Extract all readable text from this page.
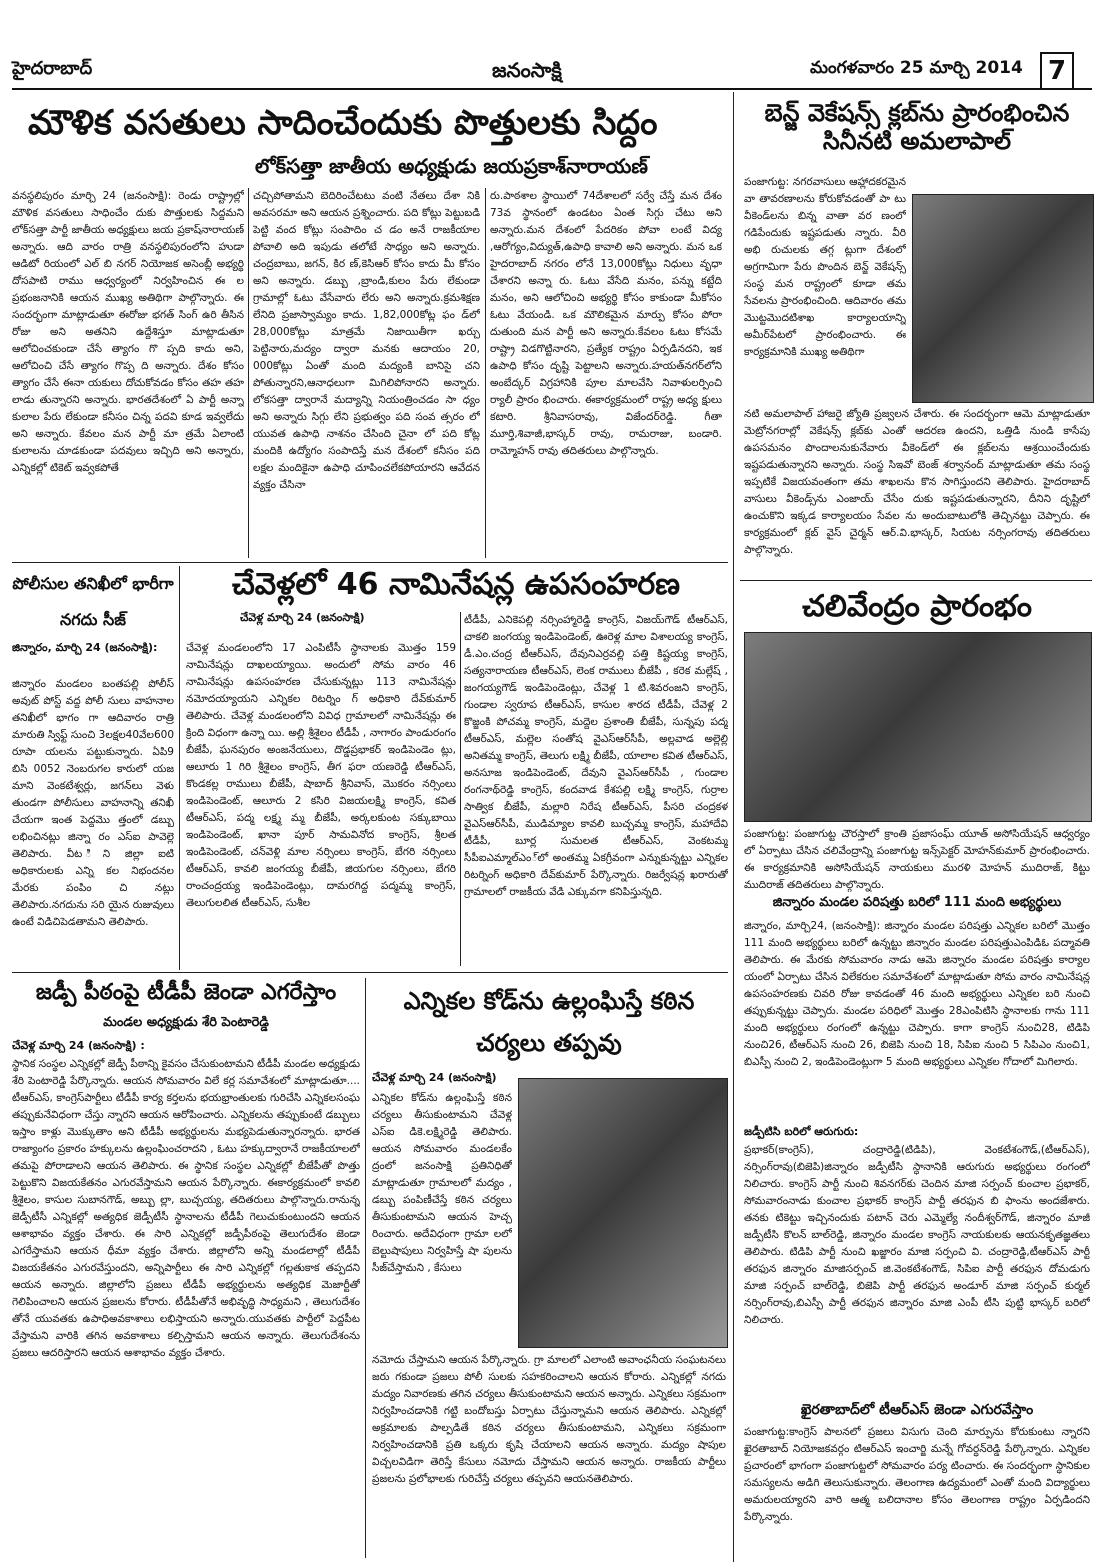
హైదరాబాద్	జనంసాక్షి	మంగళవారం 25 మార్చి 2014 7
మౌళిక వసతులు సాదించేందుకు పొత్తులకు సిద్దం
లోక్‌సత్తా జాతీయ అధ్యక్షుడు జయప్రకాశ్‌నారాయణ్
వనస్థలిపురం మార్చి 24 (జనంసాక్షి): రెండు రాష్ట్రాల్లో మౌళిక వసతులు సాధించేం దుకు పొత్తులకు సిద్దమని లోక్‌సత్తా పార్టీ జాతీయ అధ్యక్షులు జయ ప్రకాష్‌నారాయణ్ అన్నారు. ఆది వారం రాత్రి వనస్థలిపురంలోని హుడా ఆడిటో రియంలో ఎల్ బి నగర్ నియోజక అసెంబ్లీ అభ్యర్థి దోసపాటి రాము ఆధ్వర్యంలో నిర్వహించిన ఈ ల ప్రభంజనానికి ఆయన ముఖ్య అతిథిగా పాల్గొన్నారు. ఈ సందర్భంగా మాట్లాడుతూ ఈరోజు భగత్ సింగ్ ఉరి తీసిన రోజు అని అతనిని ఉద్దేశిస్తూ మాట్లాడుతూ ఆలోచించకుండా చేసే త్యాగం గొ ప్పది కాదు అని, ఆలోచించి చేసే త్యాగం గొప్ప ది అన్నారు. దేశం కోసం త్యాగం చేసే ఈనా యకులు దోచుకోవడం కోసం తహ తహ లాడు తున్నారని అన్నారు. భారతదేశంలో ఏ పార్టీ అన్నా కులాల పేరు లేకుండా కనీసం చిన్న పదవి కూడ ఇవ్వలేదు అని అన్నారు. కేవలం మన పార్టీ మా త్రమే ఏలాంటి కులాలను చూడకుండా పదవులు ఇచ్చిది అని అన్నారు, ఎన్నికల్లో టికెట్ ఇవ్వకపోతే
చచ్చిపోతామని బెదిరించేటటు వంటి నేతలు దేశా నికి అవసరమా అని ఆయన ప్రశ్నించారు. పది కోట్లు పెట్టుబడి పెట్టి వంద కోట్లు సంపాదిం చ డం అనే రాజకీయాల పోవాలి అది ఇపుడు తలోటే సాధ్యం అని అన్నారు. చంద్రబాబు, జగన్, కిర ణ్,కెసిఆర్ కోసం కాదు మీ కోసం అని అన్నారు. డబ్బు ,బ్రాండి,కులం పేరు లేకుండా గ్రామాల్లో ఓటు వేసేవారు లేరు అని అన్నారు.క్రమశిక్షణ లేనిది ప్రజాస్వామ్యం కాదు. 1,82,000కోట్ల ఫం డ్‌లో 28,000కోట్లు మాత్రమే నిజాయితీగా ఖర్చు పెట్టినారు,మద్యం ద్వారా మనకు ఆదాయం 20, 000కోట్లు ఏంతో మంది మద్యంకి బానిసై చని పోతున్నారని,ఆనాధలుగా మిగిలిపోనారని అన్నారు. లోకసత్తా ద్వారానే మద్యాన్ని నియంత్రించడం సా ధ్యం అని అన్నారు సిగ్గు లేని ప్రభుత్వం పది సంవ త్సరం లో యువత ఉపాధి నాశనం చేసింది చైనా లో పది కోట్ల మందికి ఉద్యోగం సంపాదిస్తే మన దేశంలో కనీసం పది లక్షల మందికైనా ఉపాధి చూపించలేకపోయారని ఆవేదన వ్యక్తం చేసినా
రు.పాఠశాల స్థాయిలో 74దేశాలలో సర్వే చేస్తే మన దేశం 73వ స్థానంలో ఉండటం ఏంత సిగ్గు చేటు అని అన్నారు.మన దేశంలో పేదరికం పోవా లంటే విద్య ,ఆరోగ్యం,విద్యుత్,ఉపాధి కావాలి అని అన్నారు. మన ఒక హైదరాబాద్ నగరం లోనే 13,000కోట్లు నిధులు వృధా చేశారని అన్నా రు. ఓటు వేసేది మనం, పన్ను కట్టేది మనం, అని ఆలోచించి అభ్యర్థి కోసం కాకుండా మీకోసం ఓటు వేయండి. ఒక మౌలికమైన మార్పు కోసం పోరా దుతుంది మన పార్టీ అని అన్నారు.కేవలం ఓటు కోసమే రాష్ట్రా విడగొట్టినారని, ప్రత్యేక రాష్ట్రం ఏర్పడినదని, ఇక ఉపాధి కోసం దృష్టి పెట్టాలని అన్నారు.హయత్‌నగర్‌లోని అంబేద్కర్ విగ్రహానికి పూల మాలవేసి నివాళులర్పించి ర్యాలీ ప్రారం భించారు. ఈకార్యక్రమంలో రాష్ట్ర అధ్య క్షులు కటారి. శ్రీనివాసరావు, విజేందర్‌రెడ్డి. గీతా మూర్తి,శివాజీ,భాస్కర్ రావు, రామరాజు, బండారి. రామ్మోహన్ రావు తదితరులు పాల్గొన్నారు.
బెన్జ్ వెకేషన్స్ క్లబ్‌ను ప్రారంభించిన సినీనటి అమలాపాల్
పంజాగుట్ట: నగరవాసులు ఆహ్లాదకరమైన వా తావరణాలను కోరుకోవడంతో పా టు వీకెండ్‌లను బిన్న వాతా వర ణంలో గడిపేందుకు ఇష్టపడుతు న్నారు. వీరి అభి రుచులకు తగ్గ ట్లుగా దేశంలో అగ్రగామిగా పేరు పొందిన బెన్జ్ వెకేషన్స్ సంస్థ మన రాష్ట్రంలో కూడా తమ సేవలను ప్రారంభించింది. ఆదివారం తమ మొట్టమొదటిశాఖ కార్యాలయాన్ని అమీర్‌పేటలో ప్రారంభించారు. ఈ కార్యక్రమానికి ముఖ్య అతిథిగా
నటి అమలాపాల్ హాజరై జ్యోతి ప్రజ్వలన చేశారు. ఈ సందర్భంగా ఆమె మాట్లాడుతూ మెట్రోనగరాల్లో వెకేషన్స్ క్లబ్‌కు ఎంతో ఆదరణ ఉందని, ఒత్తిడి నుండి కాసేపు ఉపసమనం పొందాలనుకునేవారు వీకెండ్‌లో ఈ క్లబ్‌లను ఆశ్రయించేందుకు ఇష్టపడుతున్నారని అన్నారు. సంస్థ సిఇవో బెంజ్ శర్వానంద్ మాట్లాడుతూ తమ సంస్థ ఇప్పటికే విజయవంతంగా తమ శాఖలను కొన సాగిస్తుందని తెలిపారు. హైదరాబాద్ వాసులు వీకెండ్స్‌ను ఎంజాయ్ చేసేం దుకు ఇష్టపడుతున్నారని, దీనిని దృష్టిలో ఉంచుకొని ఇక్కడ కార్యాలయం సేవల ను అందుబాటులోకి తెచ్చినట్టు చెప్పారు. ఈ కార్యక్రమంలో క్లబ్ వైస్ చైర్మన్ ఆర్.వి.భాస్కర్, సియట నర్సింగరావు తదితరులు పాల్గొన్నారు.
చలివేంద్రం ప్రారంభం
పంజాగుట్ట: పంజాగుట్ట చౌరస్తాలో క్రాంతి ప్రజాసంఘ్ యూత్ అసోసియేషన్ ఆధ్వర్యం లో ఏర్పాటు చేసిన చలివేంద్రాన్ని పంజాగుట్ట ఇన్స్‌పెక్టర్ మోహన్‌కుమార్ ప్రారంభించారు. ఈ కార్యక్రమానికి అసోసియేషన్ నాయకులు మురళి మోహన్ ముదిరాజ్, కిట్టు ముదిరాజ్ తదితరులు పాల్గొన్నారు.
జిన్నారం మండల పరిషత్తు బరిలో 111 మంది అభ్యర్థులు
జిన్నారం, మార్చి24, (జనంసాక్షి): జిన్నారం మండల పరిషత్తు ఎన్నికల బరిలో మొత్తం 111 మంది అభ్యర్థులు బరిలో ఉన్నట్టు జిన్నారం మండల పరిషత్తుఎంపిడిఓ పద్మావతి తెలిపారు. ఈ మేరకు సోమవారం నాడు ఆమె జిన్నారం మండల పరిషత్తు కార్యాల యంలో ఏర్పాటు చేసిన విలేకరుల సమావేశంలో మాట్లాడుతూ సోమ వారం నామినేషన్ల ఉపసంహరణకు చివరి రోజు కావడంతో 46 మంది అభ్యర్థులు ఎన్నికల బరి నుంచి తప్పుకున్నట్టు చెప్పారు. మండల పరిధిలో మొత్తం 28ఎంపిటిసి స్ధానాలకు గాను 111 మంది అభ్యర్థులు రంగంలో ఉన్నట్టు చెప్పారు. కాగా కాంగ్రెస్ నుంచి28, టిడిపి నుంచి26, టీఆర్ఎస్ నుంచి 26, బిజెపి నుంచి 18, సిపిఐ నుంచి 5 సిపిఎం నుంచి1, బిఎస్పీ నుంచి 2, ఇండిపెండెంట్లుగా 5 మంది అభ్యర్థులు ఎన్నికల గోదాలో మిగిలారు.
జడ్పీటిసి బరిలో ఆరుగురు:
ప్రభాకర్(కాంగ్రెస్), చంద్రారెడ్డి(టిడిపి), వెంకటేశంగౌడ్,(టీఆర్ఎస్), నర్సింగ్‌రావు(బిజెపి)జిన్నారం జడ్పీటీసి స్ధానానికి ఆరుగురు అభ్యర్థులు రంగంలో నిలిచారు. కాంగ్రెస్ పార్టీ నుంచి శివనగర్‌కు చెందిన మాజి సర్పంచ్ కుంచాల ప్రభాకర్, సోమవారంనాడు కుంచాల ప్రభాకర్ కాంగ్రెస్ పార్టీ తరఫున బి ఫాంను అందజేశారు. తనకు టికెట్టు ఇచ్చినందుకు పటాన్ చెరు ఎమ్మెల్యే నందీశ్వర్‌గౌడ్, జిన్నారం మాజీ జడ్పీటీసి కొలన్ బాల్‌రెడ్డి, జిన్నారం మండల కాంగ్రెస్ నాయకులకు ఆయనకృతజ్ఞతలు తెలిపారు. టిడిపి పార్టీ నుంచి ఖజ్జారం మాజి సర్పంచి వి. చంద్రారెడ్డి,టీఆర్ఎస్ పార్టీ తరఫున జిన్నారం మాజిసర్పంచ్ జి.వెంకటేశంగౌడ్, సిపిఐ పార్టీ తరఫున దోమడుగు మాజి సర్పంచ్ బాల్‌రెడ్డి, బిజెపి పార్టీ తరఫున అండూర్ మాజి సర్పంచ్ కుర్మల్ నర్సింగ్‌రావు,బిఎస్పీ పార్టీ తరఫున జిన్నారం మాజి ఎంపీ టీసి పుట్టి భాస్కర్ బరిలో నిలిచారు.
ఖైరతాబాద్‌లో టీఆర్ఎస్ జెండా ఎగురవేస్తాం
పంజాగుట్ట:కాంగ్రెస్ పాలనలో ప్రజలు విసుగు చెంది మార్పును కోరుకుంటు న్నారని ఖైరతాబాద్ నియోజకవర్గం టిఆర్ఎస్ ఇంచార్జి మన్నే గోవర్ధన్‌రెడ్డి పేర్కొన్నారు. ఎన్నికల ప్రచారంలో భాగంగా పంజాగుట్టలో సోమవారం పర్య టించారు. ఈ సందర్భంగా స్ధానికుల సమస్యలను అడిగి తెలుసుకున్నారు. తెలంగాణ ఉద్యమంలో ఎంతో మంది విద్యార్థులు అమరులయ్యారని వారి ఆత్మ బలిదానాల కోసం తెలంగాణ రాష్ట్రం ఏర్పడిందని పేర్కొన్నారు.
పోలీసుల తనిఖీలో భారీగా నగదు సీజ్
జిన్నారం, మార్చి 24 (జనంసాక్షి):
జిన్నారం మండలం బంతపల్లి పోలీస్ అవుట్ పోస్ట్ వద్ద పోలీ సులు వాహనాల తనిఖీలో భాగం గా ఆదివారం రాత్రి మారుతి స్విఫ్ట్ సుంచి 3లక్షల40వేల600 రూపా యలను పట్టుకున్నారు. ఏపి9 బిసి 0052 నెంబరుగల కారులో యజ మాని వెంకటేశ్వర్లు, జగన్‌లు వెళు తుండగా పోలీసులు వాహనాన్ని తనిఖీ చేయగా ఇంత పెద్దమొ త్తంలో డబ్బు లభించినట్లు జిన్నా రం ఎస్ఐ పావెల్లె తెలిపారు. వీట ిని జిల్లా ఐటి అధికారులకు ఎన్ని కల నిభందనల మేరకు పంపిం చి నట్లు తెలిపారు.నగదును సరి యైన రుజువులు ఉంటే విడిచిపెడతామని తెలిపారు.
చేవెళ్లలో 46 నామినేషన్ల ఉపసంహరణ
చేవెళ్ల మార్చి 24 (జనంసాక్షి)
చేవెళ్ల మండలంలోని 17 ఎంపిటీసీ స్ధానాలకు మొత్తం 159 నామినేషన్లు దాఖలయ్యాయి. అందులో సోమ వారం 46 నామినేషన్లు ఉపసంహరణ చేసుకున్నట్లు 113 నామినేషన్లు నమోదయ్యాయని ఎన్నికల రిటర్నిం గ్ అధికారి దేవ్‌కుమార్ తెలిపారు. చేవెళ్ల మండలంలోని వివిధ గ్రామాలలో నామినేషన్లు ఈ క్రింది విధంగా ఉన్నా యి. అల్లి శ్రీశైలం టీడీపీ , నాగారం పాండురంగం బీజేపీ, ఘనపురం అంజనేయులు, దొడ్డప్రభాకర్ ఇండిపెండెం ట్లు, ఆలూరు 1 గిరి శ్రీశైలం కాంగ్రెస్, తీగ ఫరా యణరెడ్డి టీఆర్ఎస్, కొండకల్ల రాములు బీజేపీ, షాబాద్ శ్రీనివాస్, మొకరం నర్సింలు ఇండిపెండెంట్, ఆలూరు 2 కసిరి విజయలక్ష్మి కాంగ్రెస్, కవిత టీఆర్ఎస్, పద్మ లక్ష్మ మ్మ బీజేపీ, అర్కలకుంట సక్కుబాయి ఇండిపెండెంట్, ఖానా పూర్ సామవినోద కాంగ్రెస్, శ్రీలత ఇండిపెండెంట్, చన్‌వెళ్లి మాల నర్సింలు కాంగ్రెస్, బేగరి నర్సింలు టీఆర్ఎస్, కావలి జంగయ్య బీజేపీ, జియగుల నర్సింలు, బేగరి రాంచంద్రయ్య ఇండిపెండెంట్లు, దామరగిద్ద పద్మమ్మ కాంగ్రెస్, తెలుగులలిత టీఆర్ఎస్, సుశీల
టీడీపీ, ఎనికెపల్లి నర్సింహ్మారెడ్డి కాంగ్రెస్, విజయ్‌గౌడ్ టీఆర్ఎస్, చాకలి జంగయ్య ఇండిపెండెంట్, ఊరెళ్ల మాల విశాలయ్య కాంగ్రెస్, డీ.ఎం.చంద్ర టీఆర్ఎస్, దేవునిఎర్రవల్లి పత్తి కిష్టయ్య కాంగ్రెస్, సత్యనారాయణ టీఆర్ఎస్, లెంక రాములు బీజేపీ , కరెక మల్లేష్ , జంగయ్యగౌడ్ ఇండిపెండెంట్లు, చేవెళ్ల 1 టి.శివరంజని కాంగ్రెస్, గుండాల స్వరూప టీఆర్ఎస్, కాసుల శారద టీడీపీ, చేవెళ్ల 2 కొజ్జంకి పోచమ్మ కాంగ్రెస్, మద్దెల ప్రశాంతి బీజేపీ, సున్నపు పద్మ టీఆర్ఎస్, మల్లెల సంతోష వైఎస్ఆర్‌సీపీ, అల్లవాడ అల్లెల్లి అనితమ్మ కాంగ్రెస్, తెలుగు లక్ష్మి బీజేపీ, యాలాల కవిత టీఆర్ఎస్, అనసూజ ఇండిపెండెంట్, దేవుని వైఎస్ఆర్‌సీపీ , గుండాల రంగనాథ్‌రెడ్డి కాంగ్రెస్, కందవాడ కేశపల్లి లక్ష్మి కాంగ్రెస్, గుర్రాల సాత్విక బీజేపీ, మల్లారి నిరేష టీఆర్ఎస్, పీసరి చంద్రకళ వైఎస్ఆర్‌సీపీ, ముడిమ్యాల కావలి బుచ్చమ్మ కాంగ్రెస్, మహాదేవి టీడీపీ, బూర్ల సుమలత టీఆర్ఎస్, వెంకటమ్మ సీపీఐఎమ్మాల్‌ఎం్‌లో అంతమ్మ ఏకగ్రీవంగా ఎన్నుకున్నట్టు ఎన్నికల రిటర్నింగ్ అధికారి దేవ్‌కుమార్ పేర్కొన్నారు. రిజర్వేషన్ల ఖరారుతో గ్రామాలలో రాజకీయ వేడి ఎక్కువగా కనిపిస్తున్నది.
జడ్పీ పీఠంపై టీడీపీ జెండా ఎగరేస్తాం
మండల అధ్యక్షుడు శేరి పెంటారెడ్డి
చేవెళ్ల మార్చి 24 (జనంసాక్షి) :
స్థానిక సంస్థల ఎన్నికల్లో జెడ్పీ పీఠాన్ని కైవసం చేసుకుంటామని టీడీపీ మండల అధ్యక్షుడు శేరి పెంటారెడ్డి పేర్కొన్నారు. ఆయన సోమవారం విలే కర్ల సమావేశంలో మాట్లాడుతూ.... టీఆర్ఎస్, కాంగ్రెస్‌పార్టీలు టీడీపీ కార్య కర్తలను భయభ్రాంతులకు గురిచేసి ఎన్నికలసంఘ తప్పుకునేవిధంగా చేస్తు న్నారని ఆయన ఆరోపించారు. ఎన్నికలను తప్పుకుంటే డబ్బులు ఇస్తాం కాళ్లు మొక్కుతాం అని టీడీపీ అభ్యర్థులను మభ్యపెడుతున్నారన్నారు. భారత రాజ్యాంగం ప్రకారం హక్కులను ఉల్లంఘించరాదని , ఓటు హక్కుద్వారానే రాజకీయాలలో తమపై పోరాడాలని ఆయన తెలిపారు. ఈ స్థానిక సంస్థల ఎన్నికల్లో బీజేపీతో పొత్తు పెట్టుకొని విజయకేతనం ఎగురవేస్తామని ఆయన పేర్కొన్నారు. ఈకార్యక్రమంలో కావలి శ్రీశైలం, కాసుల సుబానగౌడ్, అబ్బు ల్లా, బుచ్చయ్య, తదితరులు పాల్గొన్నారు.రానున్న జెడ్పీటీసీ ఎన్నికల్లో అత్యధిక జెడ్పీటీసీ స్థానాలను టీడీపీ గెలుచుకుంటుందని ఆయన ఆశాభావం వ్యక్తం చేశారు. ఈ సారి ఎన్నికల్లో జడ్పీపీఠంపై తెలుగుదేశం జెండా ఎగరేస్తామని ఆయన ధీమా వ్యక్తం చేశారు. జిల్లాలోని అన్ని మండలాల్లో టీడీపీ విజయకేతనం ఎగురవేస్తుందని, అన్నిపార్టీలు ఈ సారి ఎన్నికల్లో గల్లతుకాక తప్పదని ఆయన అన్నారు. జిల్లాలోని ప్రజలు టీడీపీ అభ్యర్థులను అత్యధిక మెజార్టీతో గెలిపించాలని ఆయన ప్రజలను కోరారు. టీడీపీతోనే అభివృద్ధి సాధ్యమని , తెలుగుదేశం తోనే యువతకు ఉపాధిఅవకాశాలు లభిస్తాయని అన్నారు.యువతకు పార్టీలో పెద్దపీట వేస్తామని వారికి తగిన అవకాశాలు కల్పిస్తామని ఆయన అన్నారు. తెలుగుదేశంను ప్రజలు ఆదరిస్తారని ఆయన ఆశాభావం వ్యక్తం చేశారు.
ఎన్నికల కోడ్‌ను ఉల్లంఘిస్తే కఠిన చర్యలు తప్పవు
చేవెళ్ల మార్చి 24 (జనంసాక్షి)
ఎన్నికల కోడ్‌ను ఉల్లంఘిస్తే కఠిన చర్యలు తీసుకుంటామని చేవెళ్ల ఎస్ఐ డికె.లక్ష్మిరెడ్డి తెలిపారు. ఆయన సోమవారం మండలకేం ద్రంలో జనంసాక్షి ప్రతినిధితో మాట్లాడుతూ గ్రామాలలో మద్యం , డబ్బు పంపిణీచేస్తే కఠిన చర్యలు తీసుకుంటామని ఆయన హెచ్చ రించారు. అదేవిధంగా గ్రామా లలో బెల్టుషాపులు నిర్వహిస్తే షా పులను సీజ్‌చేస్తామని , కేసులు
నమోదు చేస్తామని ఆయన పేర్కొన్నారు. గ్రా మాలలో ఎలాంటి అవాంఛనీయ సంఘటనలు జరు గకుండా ప్రజలు పోలీ సులకు సహకరించాలని ఆయన కోరారు. ఎన్నికల్లో నగదు మద్యం నివారణకు తగిన చర్యలు తీసుకుంటామని ఆయన అన్నారు. ఎన్నికలు సక్రమంగా నిర్వహించడానికి గట్టి బందోబస్తు ఏర్పాటు చేస్తున్నామని ఆయన తెలిపారు. ఎన్నికల్లో అక్రమాలకు పాల్పడితే కఠిన చర్యలు తీసుకుంటామని, ఎన్నికలు సక్రమంగా నిర్వహించడానికి ప్రతి ఒక్కరు కృషి చేయాలని ఆయన అన్నారు. మద్యం షాపుల విచ్చలవిడిగా తెరిస్తే కేసులు నమోదు చేస్తామని ఆయన అన్నారు. రాజకీయ పార్టీలు ప్రజలను ప్రలోభాలకు గురిచేస్తే చర్యలు తప్పవని ఆయనతెలిపారు.
